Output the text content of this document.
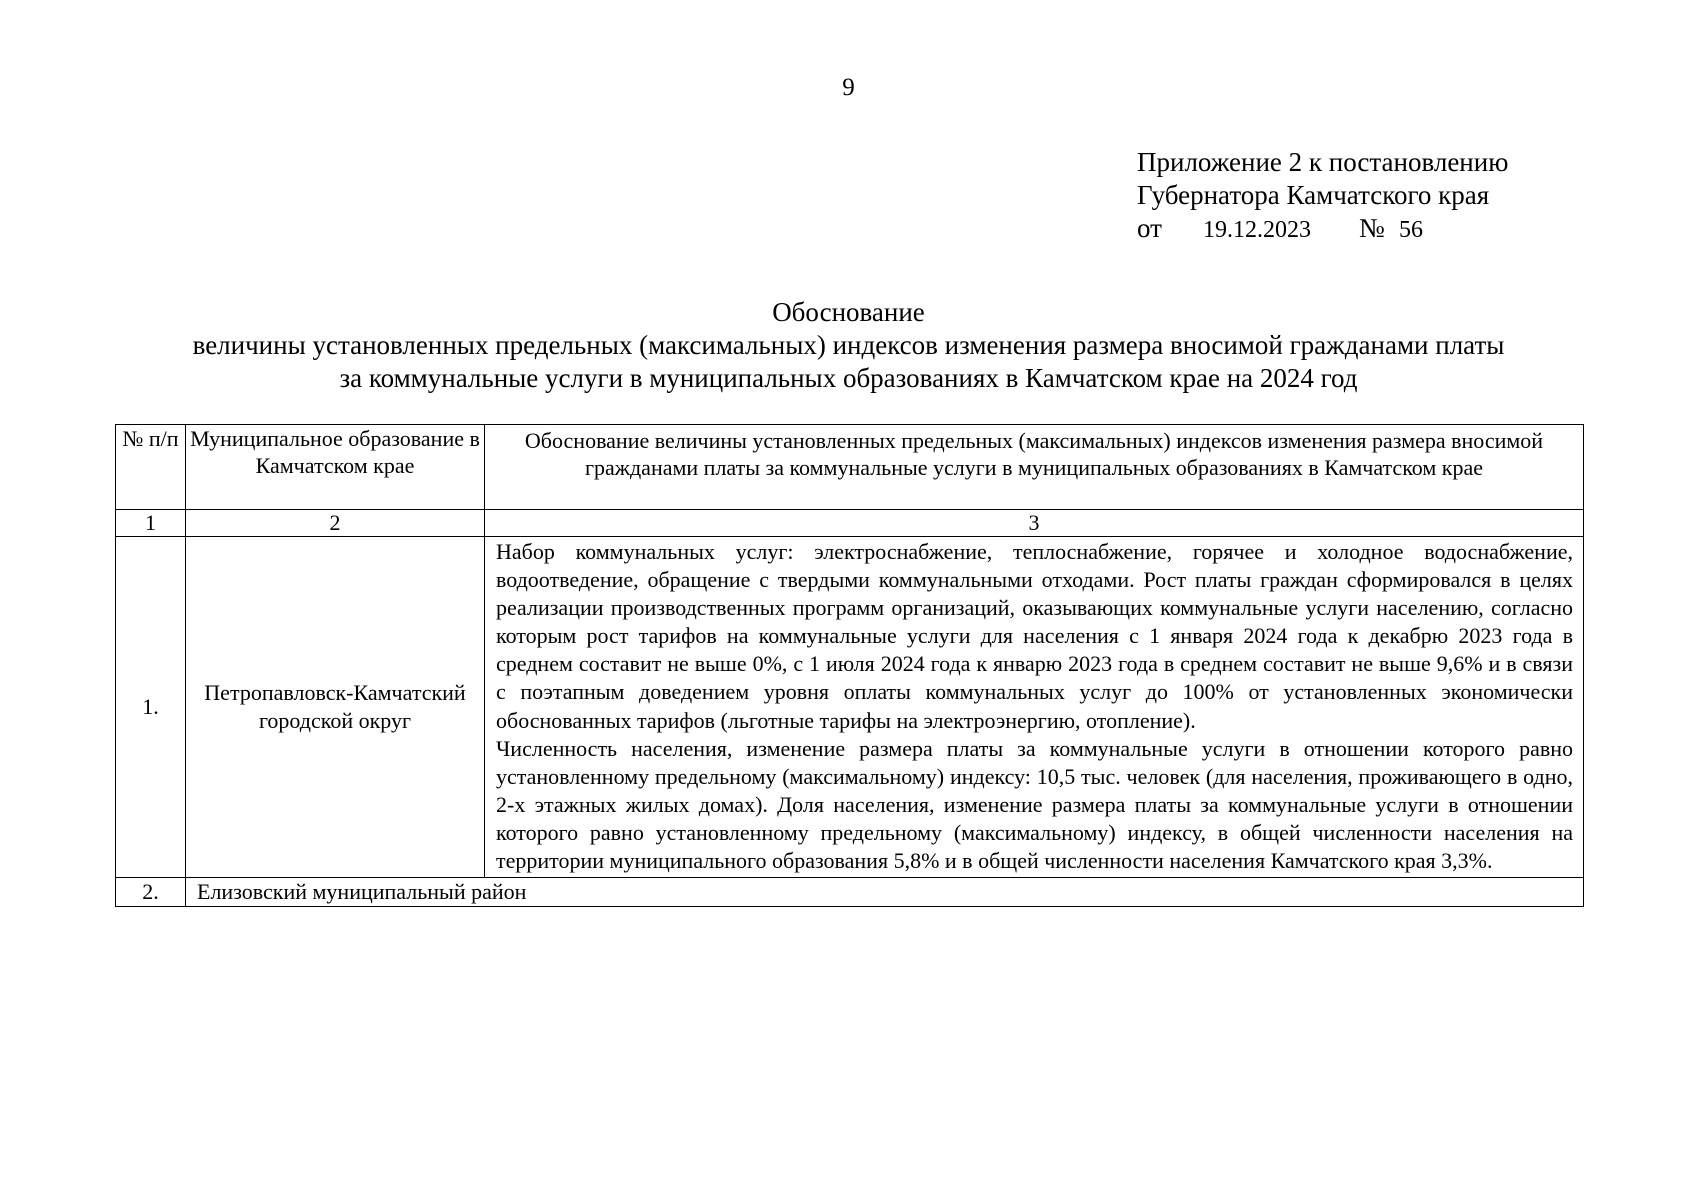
9
Приложение 2 к постановлению
Губернатора Камчатского края
от 19.12.2023 № 56
Обоснование
величины установленных предельных (максимальных) индексов изменения размера вносимой гражданами платы
за коммунальные услуги в муниципальных образованиях в Камчатском крае на 2024 год
№ п/п	Муниципальное образование в Камчатском крае	Обоснование величины установленных предельных (максимальных) индексов изменения размера вносимой гражданами платы за коммунальные услуги в муниципальных образованиях в Камчатском крае
1	2	3
1.	Петропавловск-Камчатский городской округ	Набор коммунальных услуг: электроснабжение, теплоснабжение, горячее и холодное водоснабжение, водоотведение, обращение с твердыми коммунальными отходами. Рост платы граждан сформировался в целях реализации производственных программ организаций, оказывающих коммунальные услуги населению, согласно которым рост тарифов на коммунальные услуги для населения с 1 января 2024 года к декабрю 2023 года в среднем составит не выше 0%, с 1 июля 2024 года к январю 2023 года в среднем составит не выше 9,6% и в связи с поэтапным доведением уровня оплаты коммунальных услуг до 100% от установленных экономически обоснованных тарифов (льготные тарифы на электроэнергию, отопление).

Численность населения, изменение размера платы за коммунальные услуги в отношении которого равно установленному предельному (максимальному) индексу: 10,5 тыс. человек (для населения, проживающего в одно, 2-х этажных жилых домах). Доля населения, изменение размера платы за коммунальные услуги в отношении которого равно установленному предельному (максимальному) индексу, в общей численности населения на территории муниципального образования 5,8% и в общей численности населения Камчатского края 3,3%.

2.	Елизовский муниципальный район	
